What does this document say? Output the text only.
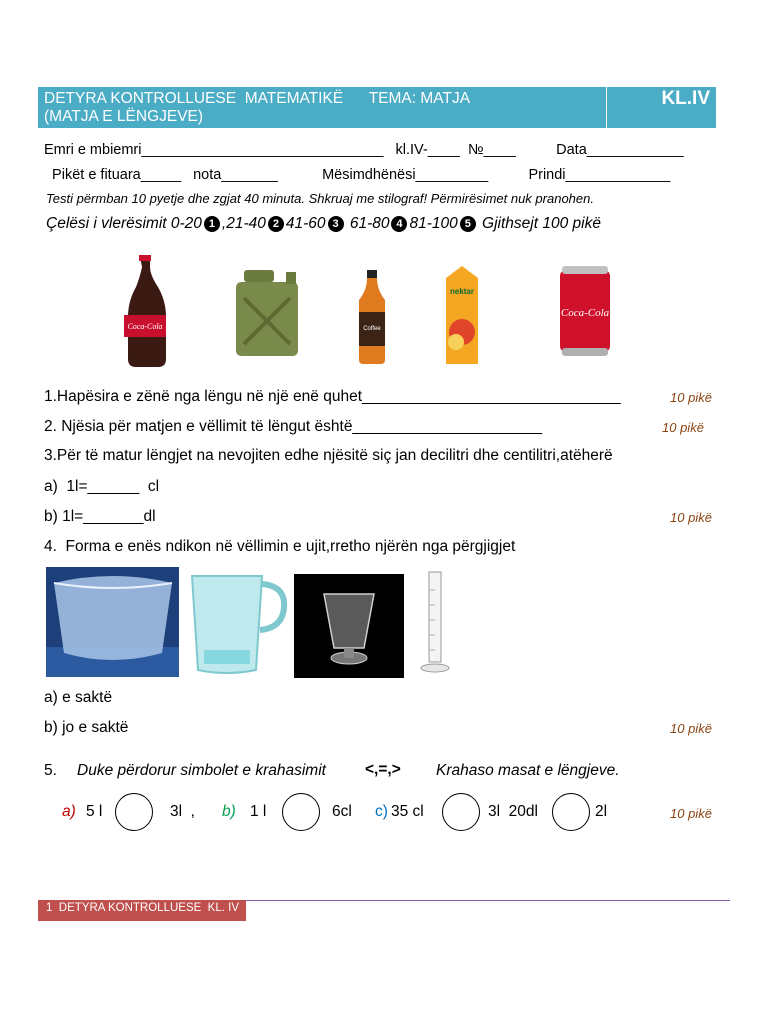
DETYRA KONTROLLUESE  MATEMATIKË      TEMA: MATJA
(MATJA E LËNGJEVE)
KL.IV
Emri e mbiemri______________________________   kl.IV-____  №____          Data____________
Pikët e fituara_____   nota_______           Mësimdhënësi_________          Prindi_____________
Testi përmban 10 pyetje dhe zgjat 40 minuta. Shkruaj me stilograf! Përmirësimet nuk pranohen.
Çelësi i vlerësimit 0-20 1 ,21-40 2 41-60 3 61-80 4 81-100 5 Gjithsejt 100 pikë
Coca-Cola	Coffee
nektar
Coca-Cola
1.Hapësira e zënë nga lëngu në një enë quhet______________________________	10 pikë
2. Njësia për matjen e vëllimit të lëngut është______________________	10 pikë
3.Për të matur lëngjet na nevojiten edhe njësitë siç jan decilitri dhe centilitri,atëherë
a)  1l=______  cl
b) 1l=_______dl	10 pikë
4.  Forma e enës ndikon në vëllimin e ujit,rretho njërën nga përgjigjet
a) e saktë
b) jo e saktë	10 pikë
5. Duke përdorur simbolet e krahasimit	<,=,> Krahaso masat e lëngjeve.
a) 5 l	3l  , b) 1 l	6cl c) 35 cl	3l  20dl	2l	10 pikë
1  DETYRA KONTROLLUESE  KL. IV
